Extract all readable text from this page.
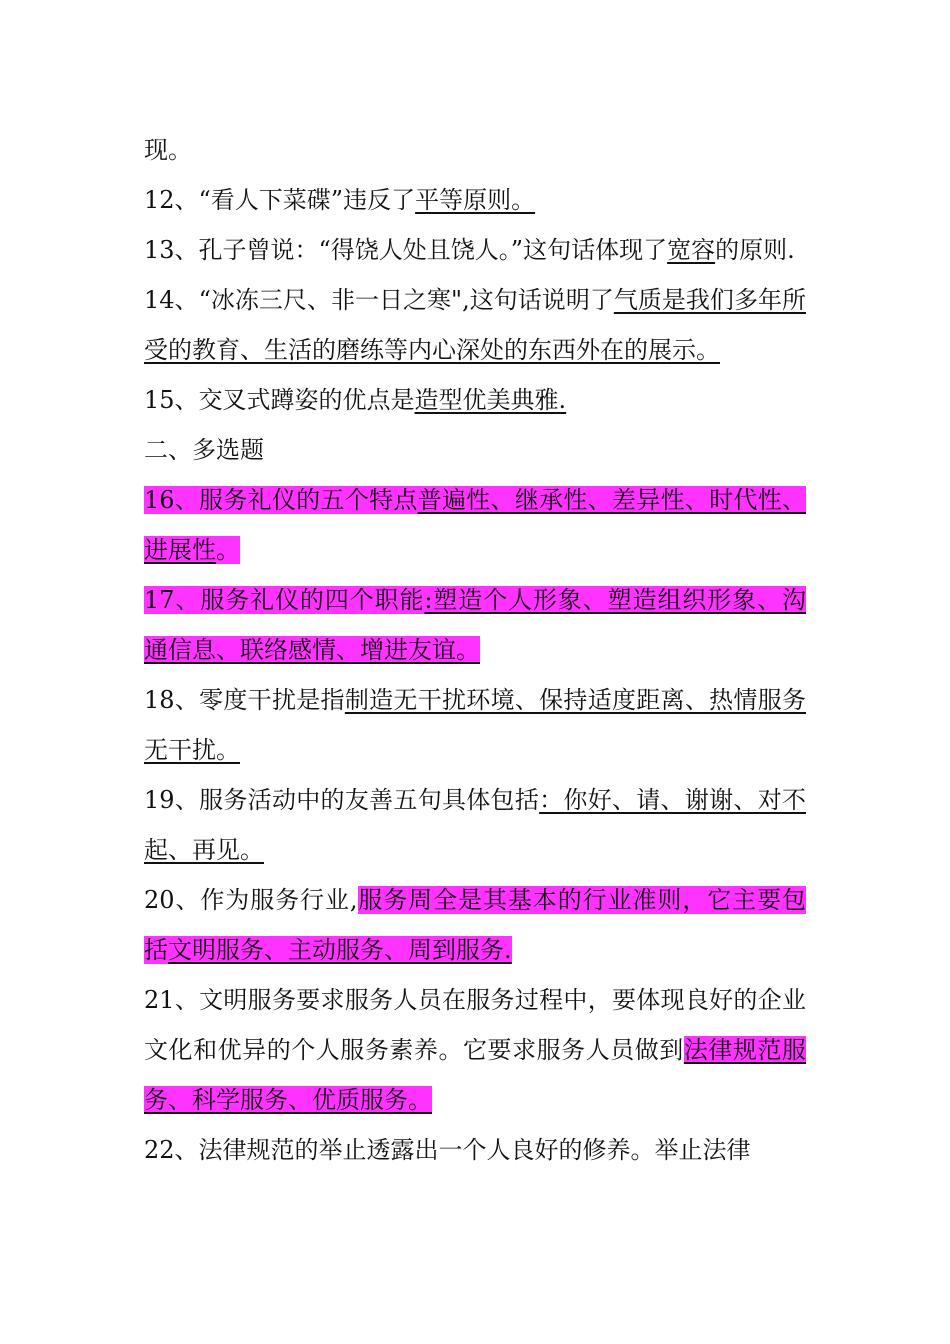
现。

12、“看人下菜碟”违反了平等原则。

13、孔子曾说：“得饶人处且饶人。”这句话体现了宽容的原则.

14、“冰冻三尺、非一日之寒",这句话说明了气质是我们多年所受的教育、生活的磨练等内心深处的东西外在的展示。

15、交叉式蹲姿的优点是造型优美典雅.

二、多选题

16、服务礼仪的五个特点普遍性、继承性、差异性、时代性、进展性。

17、服务礼仪的四个职能:塑造个人形象、塑造组织形象、沟通信息、联络感情、增进友谊。

18、零度干扰是指制造无干扰环境、保持适度距离、热情服务无干扰。

19、服务活动中的友善五句具体包括：你好、请、谢谢、对不起、再见。

20、作为服务行业,服务周全是其基本的行业准则，它主要包括文明服务、主动服务、周到服务.

21、文明服务要求服务人员在服务过程中，要体现良好的企业文化和优异的个人服务素养。它要求服务人员做到法律规范服务、科学服务、优质服务。

22、法律规范的举止透露出一个人良好的修养。举止法律
